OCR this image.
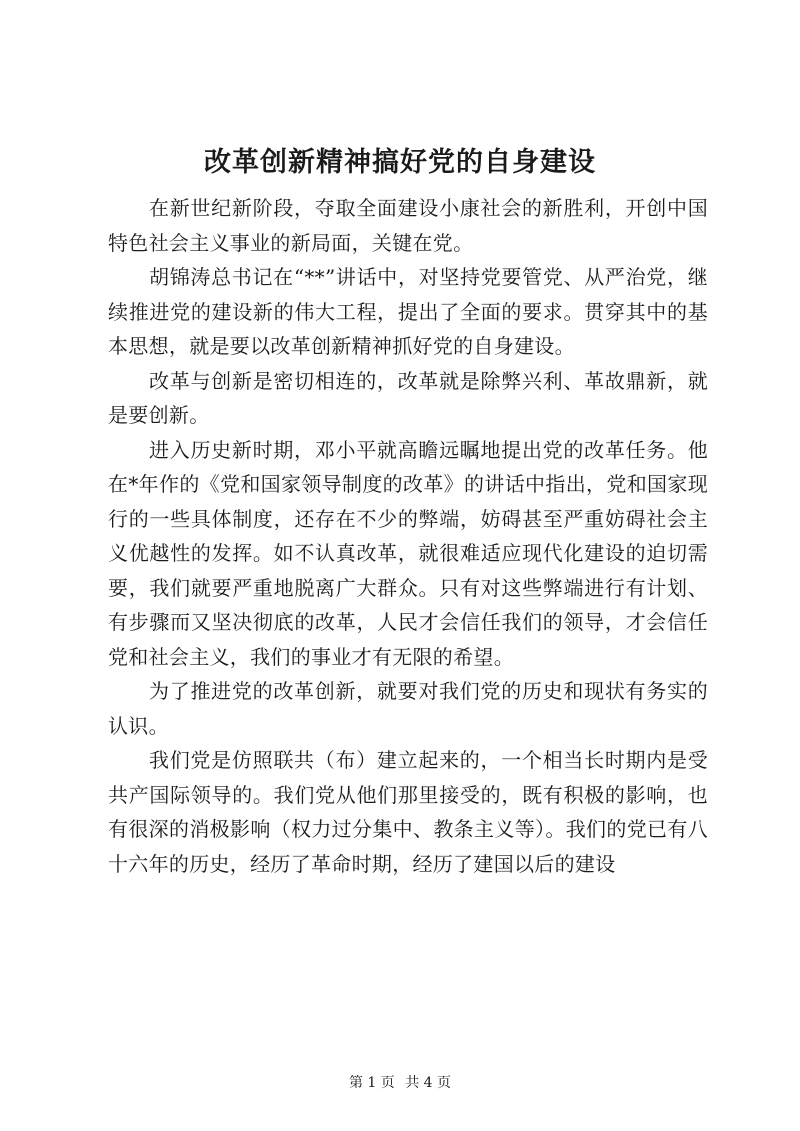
改革创新精神搞好党的自身建设

在新世纪新阶段，夺取全面建设小康社会的新胜利，开创中国特色社会主义事业的新局面，关键在党。

胡锦涛总书记在“**”讲话中，对坚持党要管党、从严治党，继续推进党的建设新的伟大工程，提出了全面的要求。贯穿其中的基本思想，就是要以改革创新精神抓好党的自身建设。

改革与创新是密切相连的，改革就是除弊兴利、革故鼎新，就是要创新。

进入历史新时期，邓小平就高瞻远瞩地提出党的改革任务。他在*年作的《党和国家领导制度的改革》的讲话中指出，党和国家现行的一些具体制度，还存在不少的弊端，妨碍甚至严重妨碍社会主义优越性的发挥。如不认真改革，就很难适应现代化建设的迫切需要，我们就要严重地脱离广大群众。只有对这些弊端进行有计划、有步骤而又坚决彻底的改革，人民才会信任我们的领导，才会信任党和社会主义，我们的事业才有无限的希望。

为了推进党的改革创新，就要对我们党的历史和现状有务实的认识。

我们党是仿照联共（布）建立起来的，一个相当长时期内是受共产国际领导的。我们党从他们那里接受的，既有积极的影响，也有很深的消极影响（权力过分集中、教条主义等）。我们的党已有八十六年的历史，经历了革命时期，经历了建国以后的建设

第 1 页 共 4 页
